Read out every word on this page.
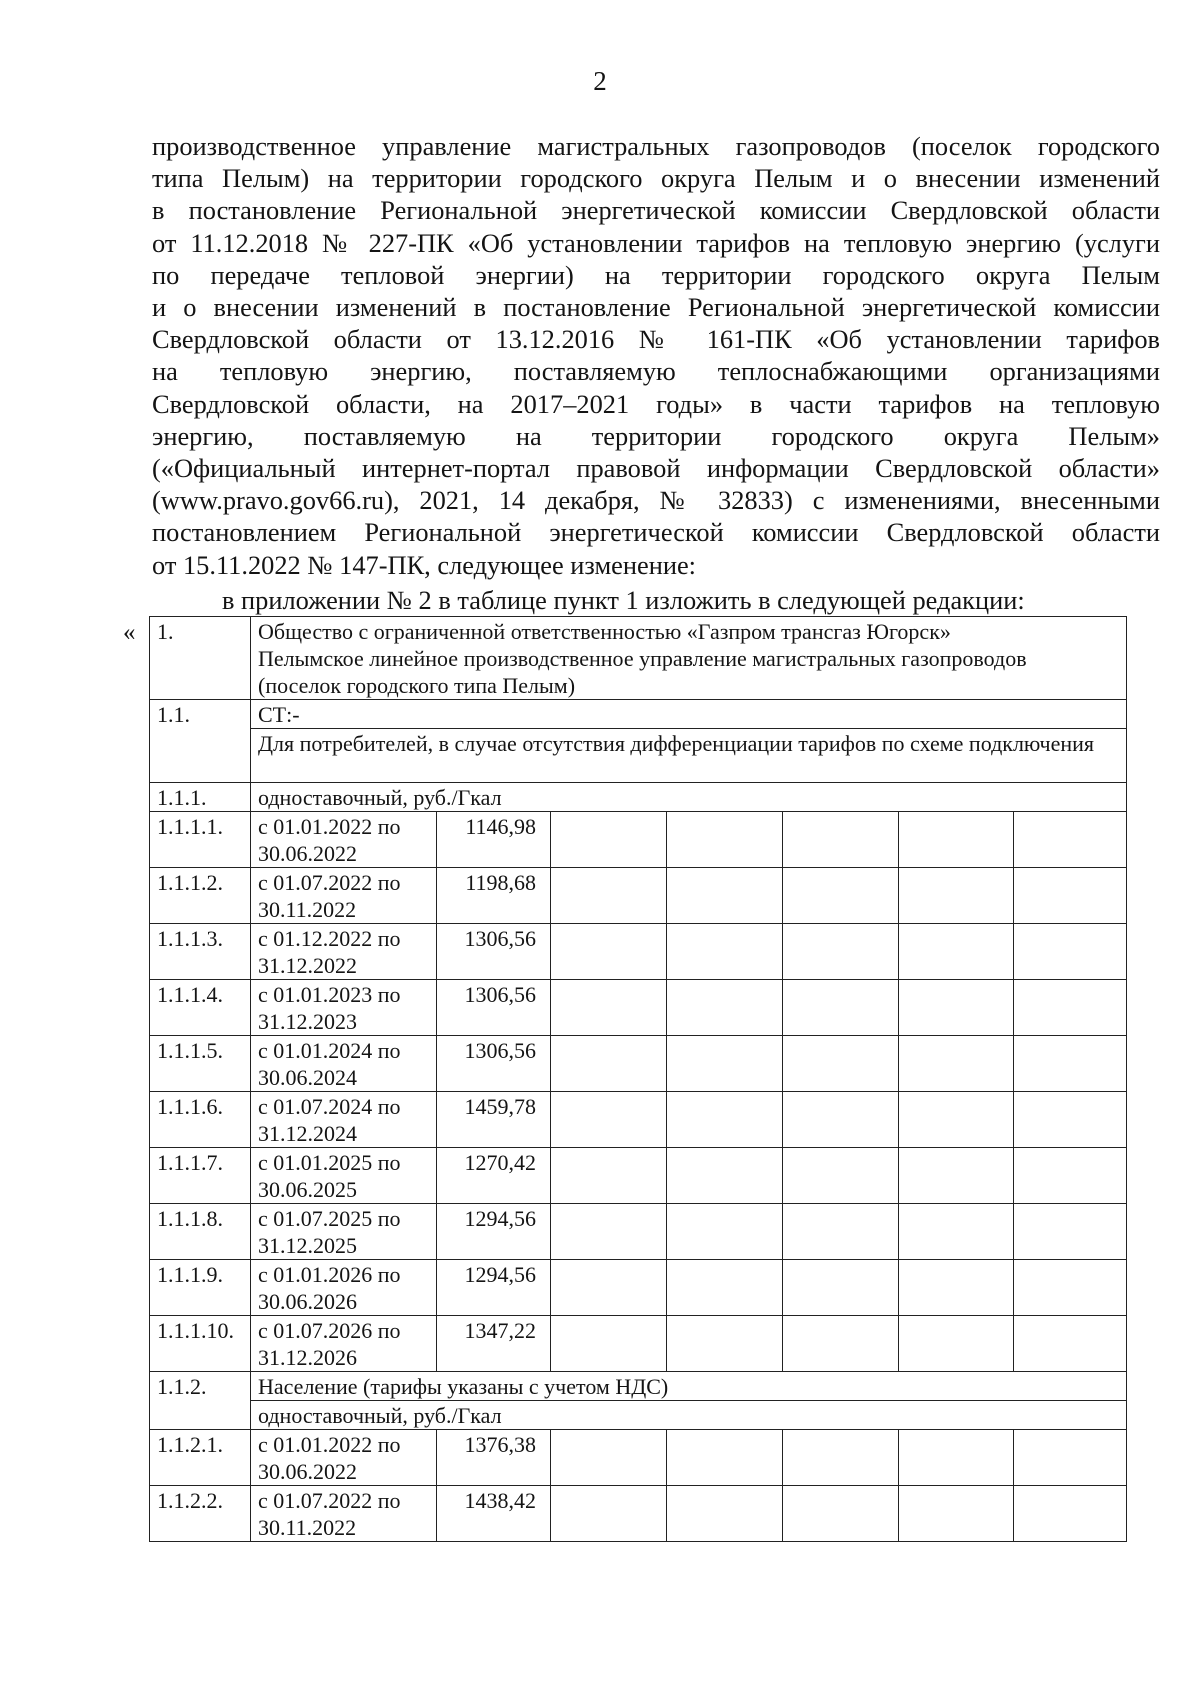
2
производственное управление магистральных газопроводов (поселок городского
типа Пелым) на территории городского округа Пелым и о внесении изменений
в постановление Региональной энергетической комиссии Свердловской области
от 11.12.2018 № 227-ПК «Об установлении тарифов на тепловую энергию (услуги
по передаче тепловой энергии) на территории городского округа Пелым
и о внесении изменений в постановление Региональной энергетической комиссии
Свердловской области от 13.12.2016 № 161-ПК «Об установлении тарифов
на тепловую энергию, поставляемую теплоснабжающими организациями
Свердловской области, на 2017–2021 годы» в части тарифов на тепловую
энергию, поставляемую на территории городского округа Пелым»
(«Официальный интернет-портал правовой информации Свердловской области»
(www.pravo.gov66.ru), 2021, 14 декабря, № 32833) с изменениями, внесенными
постановлением Региональной энергетической комиссии Свердловской области
от 15.11.2022 № 147-ПК, следующее изменение:
в приложении № 2 в таблице пункт 1 изложить в следующей редакции:
« 1.	Общество с ограниченной ответственностью «Газпром трансгаз Югорск»
Пелымское линейное производственное управление магистральных газопроводов
(поселок городского типа Пелым)						

1.1.	СТ:-						
	Для потребителей, в случае отсутствия дифференциации тарифов по схеме подключения						
1.1.1.	одноставочный, руб./Гкал						
1.1.1.1.	с 01.01.2022 по 30.06.2022	1146,98					
1.1.1.2.	с 01.07.2022 по 30.11.2022	1198,68					
1.1.1.3.	с 01.12.2022 по 31.12.2022	1306,56					
1.1.1.4.	с 01.01.2023 по 31.12.2023	1306,56					
1.1.1.5.	с 01.01.2024 по 30.06.2024	1306,56					
1.1.1.6.	с 01.07.2024 по 31.12.2024	1459,78					
1.1.1.7.	с 01.01.2025 по 30.06.2025	1270,42					
1.1.1.8.	с 01.07.2025 по 31.12.2025	1294,56					
1.1.1.9.	с 01.01.2026 по 30.06.2026	1294,56					
1.1.1.10.	с 01.07.2026 по 31.12.2026	1347,22					
1.1.2.	Население (тарифы указаны с учетом НДС)						
	одноставочный, руб./Гкал						
1.1.2.1.	с 01.01.2022 по 30.06.2022	1376,38					
1.1.2.2.	с 01.07.2022 по 30.11.2022	1438,42					
